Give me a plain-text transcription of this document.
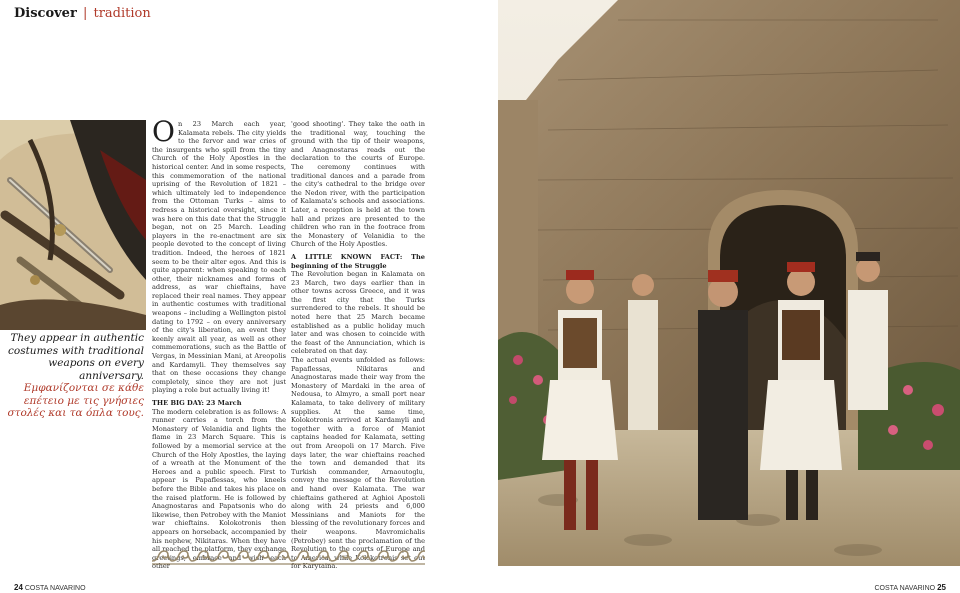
Discover | tradition
They appear in authentic costumes with traditional weapons on every anniversary.
Εμφανίζονται σε κάθε επέτειο με τις γνήσιες στολές και τα όπλα τους.

On 23 March each year, Kalamata rebels. The city yields to the fervor and war cries of the insurgents who spill from the tiny Church of the Holy Apostles in the historical center. And in some respects, this commemoration of the national uprising of the Revolution of 1821 – which ultimately led to independence from the Ottoman Turks – aims to redress a historical oversight, since it was here on this date that the Struggle began, not on 25 March. Leading players in the re-enactment are six people devoted to the concept of living tradition. Indeed, the heroes of 1821 seem to be their alter egos. And this is quite apparent: when speaking to each other, their nicknames and forms of address, as war chieftains, have replaced their real names. They appear in authentic costumes with traditional weapons – including a Wellington pistol dating to 1792 – on every anniversary of the city's liberation, an event they keenly await all year, as well as other commemorations, such as the Battle of Vergas, in Messinian Mani, at Areopolis and Kardamyli. They themselves say that on these occasions they change completely, since they are not just playing a role but actually living it!

THE BIG DAY: 23 March

The modern celebration is as follows: A runner carries a torch from the Monastery of Velanidia and lights the flame in 23 March Square. This is followed by a memorial service at the Church of the Holy Apostles, the laying of a wreath at the Monument of the Heroes and a public speech. First to appear is Papaflessas, who kneels before the Bible and takes his place on the raised platform. He is followed by Anagnostaras and Papatsonis who do likewise, then Petrobey with the Maniot war chieftains. Kolokotronis then appears on horseback, accompanied by his nephew, Nikitaras. When they have

'good shooting'. They take the oath in the traditional way, touching the ground with the tip of their weapons, and Anagnostaras reads out the declaration to the courts of Europe. The ceremony continues with traditional dances and a parade from the city's cathedral to the bridge over the Nedon river, with the participation of Kalamata's schools and associations. Later, a reception is held at the town hall and prizes are presented to the children who ran in the footrace from the Monastery of Velanidia to the Church of the Holy Apostles.

A LITTLE KNOWN FACT: The beginning of the Struggle

The Revolution began in Kalamata on 23 March, two days earlier than in other towns across Greece, and it was the first city that the Turks surrendered to the rebels. It should be noted here that 25 March became established as a public holiday much later and was chosen to coincide with the feast of the Annunciation, which is celebrated on that day.

The actual events unfolded as follows: Papaflessas, Nikitaras and Anagnostaras made their way from the Monastery of Mardaki in the area of Nedousa, to Almyro, a small port near Kalamata, to take delivery of military supplies. At the same time, Kolokotronis arrived at Kardamyli and together with a force of Maniot captains headed for Kalamata, setting out from Areopoli on 17 March. Five days later, the war chieftains reached the town and demanded that its Turkish commander, Arnaoutoglu, convey the message of the Revolution and hand over Kalamata. The war chieftains gathered at Aghioi Apostoli along with 24 priests and 6,000 Messinians and Maniots for the blessing of the revolutionary forces and their weapons. Mavromichalis (Petrobey) sent the proclamation of the

24 COSTA NAVARINO	COSTA NAVARINO 25
